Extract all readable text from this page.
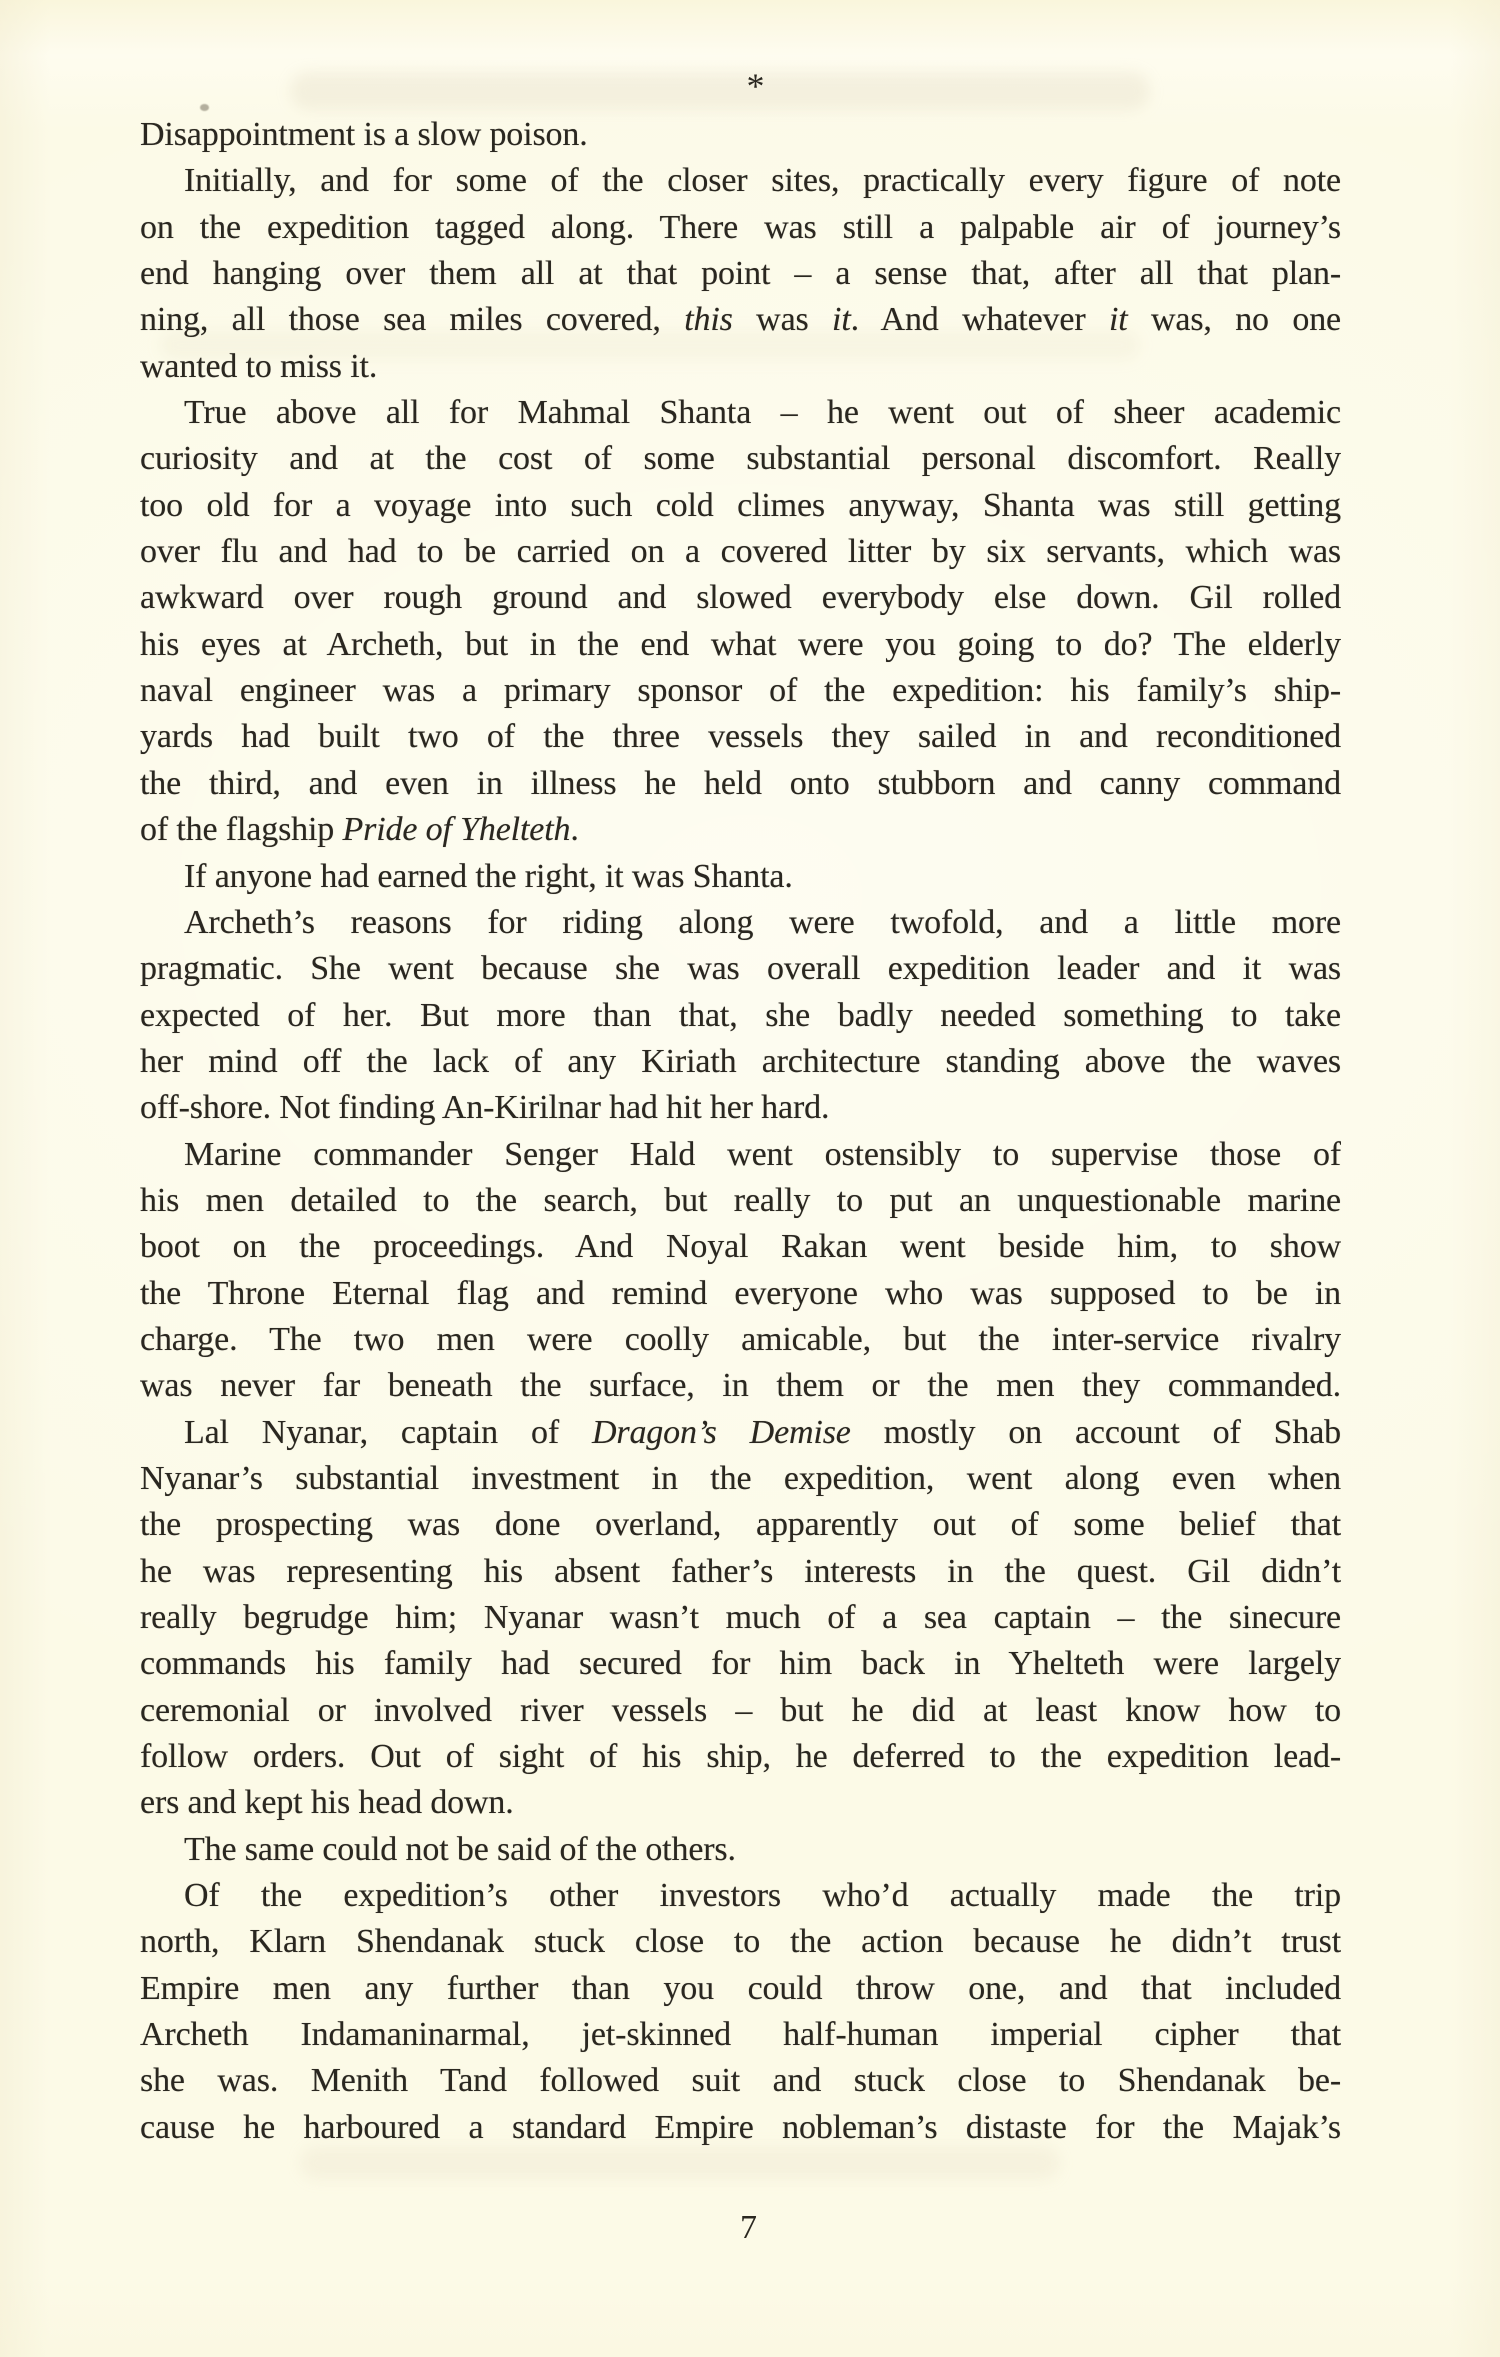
*
Disappointment is a slow poison.
Initially, and for some of the closer sites, practically every figure of note
on the expedition tagged along. There was still a palpable air of journey’s
end hanging over them all at that point – a sense that, after all that plan-
ning, all those sea miles covered, this was it. And whatever it was, no one
wanted to miss it.
True above all for Mahmal Shanta – he went out of sheer academic
curiosity and at the cost of some substantial personal discomfort. Really
too old for a voyage into such cold climes anyway, Shanta was still getting
over flu and had to be carried on a covered litter by six servants, which was
awkward over rough ground and slowed everybody else down. Gil rolled
his eyes at Archeth, but in the end what were you going to do? The elderly
naval engineer was a primary sponsor of the expedition: his family’s ship-
yards had built two of the three vessels they sailed in and reconditioned
the third, and even in illness he held onto stubborn and canny command
of the flagship Pride of Yhelteth.
If anyone had earned the right, it was Shanta.
Archeth’s reasons for riding along were twofold, and a little more
pragmatic. She went because she was overall expedition leader and it was
expected of her. But more than that, she badly needed something to take
her mind off the lack of any Kiriath architecture standing above the waves
off-shore. Not finding An-Kirilnar had hit her hard.
Marine commander Senger Hald went ostensibly to supervise those of
his men detailed to the search, but really to put an unquestionable marine
boot on the proceedings. And Noyal Rakan went beside him, to show
the Throne Eternal flag and remind everyone who was supposed to be in
charge. The two men were coolly amicable, but the inter-service rivalry
was never far beneath the surface, in them or the men they commanded.
Lal Nyanar, captain of Dragon’s Demise mostly on account of Shab
Nyanar’s substantial investment in the expedition, went along even when
the prospecting was done overland, apparently out of some belief that
he was representing his absent father’s interests in the quest. Gil didn’t
really begrudge him; Nyanar wasn’t much of a sea captain – the sinecure
commands his family had secured for him back in Yhelteth were largely
ceremonial or involved river vessels – but he did at least know how to
follow orders. Out of sight of his ship, he deferred to the expedition lead-
ers and kept his head down.
The same could not be said of the others.
Of the expedition’s other investors who’d actually made the trip
north, Klarn Shendanak stuck close to the action because he didn’t trust
Empire men any further than you could throw one, and that included
Archeth Indamaninarmal, jet-skinned half-human imperial cipher that
she was. Menith Tand followed suit and stuck close to Shendanak be-
cause he harboured a standard Empire nobleman’s distaste for the Majak’s
7
